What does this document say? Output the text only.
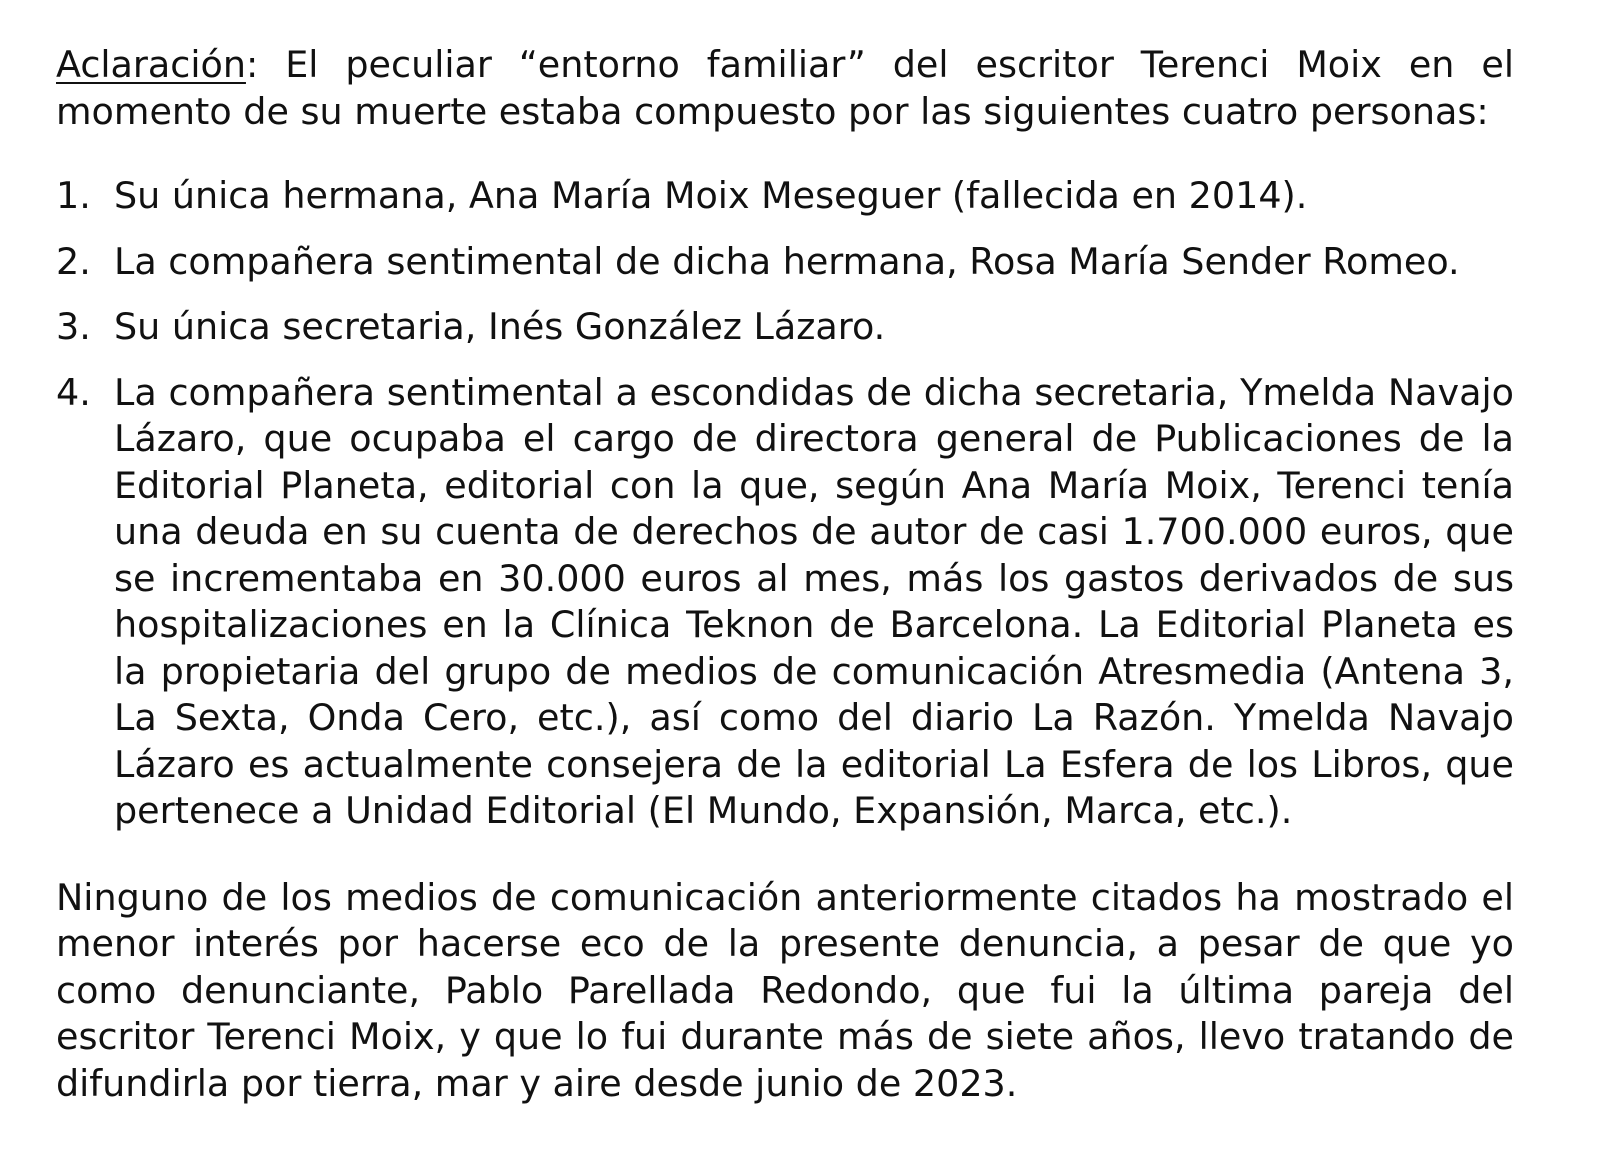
Aclaración: El peculiar “entorno familiar” del escritor Terenci Moix en el momento de su muerte estaba compuesto por las siguientes cuatro personas:

1. Su única hermana, Ana María Moix Meseguer (fallecida en 2014).
2. La compañera sentimental de dicha hermana, Rosa María Sender Romeo.
3. Su única secretaria, Inés González Lázaro.
4. La compañera sentimental a escondidas de dicha secretaria, Ymelda Navajo Lázaro, que ocupaba el cargo de directora general de Publicaciones de la Editorial Planeta, editorial con la que, según Ana María Moix, Terenci tenía una deuda en su cuenta de derechos de autor de casi 1.700.000 euros, que se incrementaba en 30.000 euros al mes, más los gastos derivados de sus hospitalizaciones en la Clínica Teknon de Barcelona. La Editorial Planeta es la propietaria del grupo de medios de comunicación Atresmedia (Antena 3, La Sexta, Onda Cero, etc.), así como del diario La Razón. Ymelda Navajo Lázaro es actualmente consejera de la editorial La Esfera de los Libros, que pertenece a Unidad Editorial (El Mundo, Expansión, Marca, etc.).

Ninguno de los medios de comunicación anteriormente citados ha mostrado el menor interés por hacerse eco de la presente denuncia, a pesar de que yo como denunciante, Pablo Parellada Redondo, que fui la última pareja del escritor Terenci Moix, y que lo fui durante más de siete años, llevo tratando de difundirla por tierra, mar y aire desde junio de 2023.
